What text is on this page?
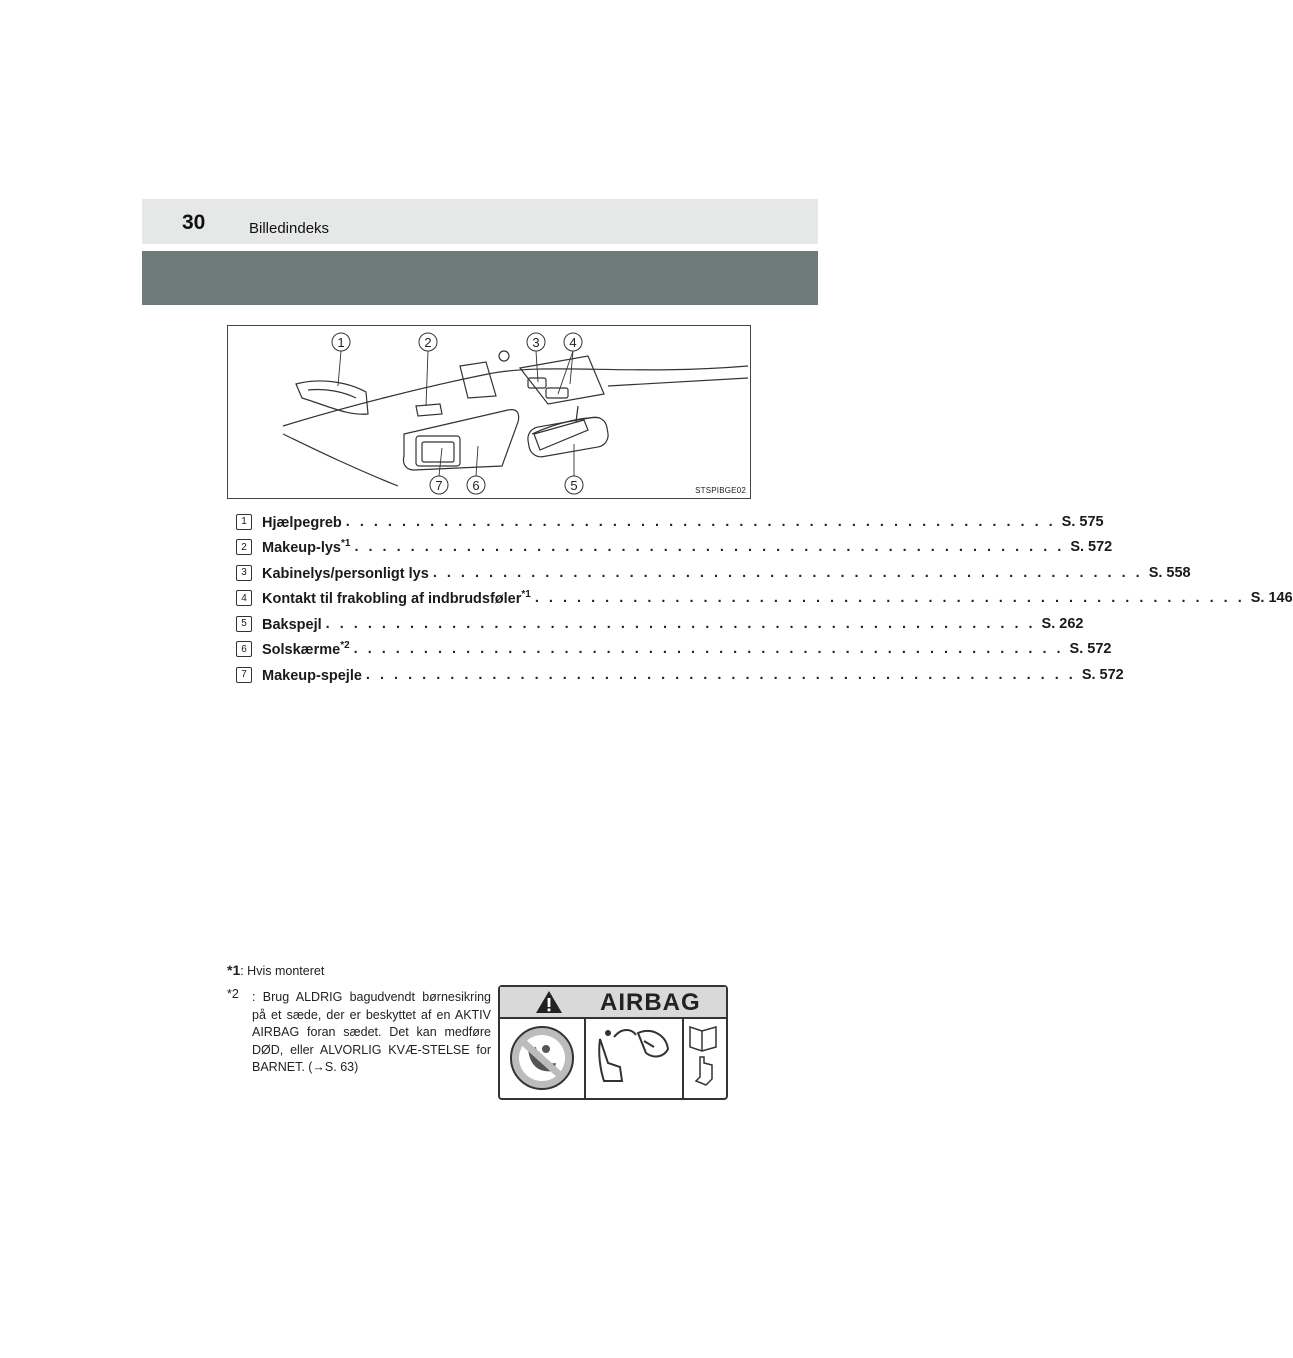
30	Billedindeks
1	2	3 4
7 6	5	STSPIBGE02
1	Hjælpegreb . . . . . . . . . . . . . . . . . . . . . . . . . . . . . . . . . . . . . . . . . . . . . . . . . . . S. 575
2	Makeup-lys$^{*1}$ . . . . . . . . . . . . . . . . . . . . . . . . . . . . . . . . . . . . . . . . . . . . . . . . . . . S. 572
3	Kabinelys/personligt lys . . . . . . . . . . . . . . . . . . . . . . . . . . . . . . . . . . . . . . . . . . . . . . . . . . . S. 558
4	Kontakt til frakobling af indbrudsføler$^{*1}$ . . . . . . . . . . . . . . . . . . . . . . . . . . . . . . . . . . . . . . . . . . . . . . . . . . . S. 146
5	Bakspejl . . . . . . . . . . . . . . . . . . . . . . . . . . . . . . . . . . . . . . . . . . . . . . . . . . . S. 262
6	Solskærme$^{*2}$ . . . . . . . . . . . . . . . . . . . . . . . . . . . . . . . . . . . . . . . . . . . . . . . . . . . S. 572
7	Makeup-spejle . . . . . . . . . . . . . . . . . . . . . . . . . . . . . . . . . . . . . . . . . . . . . . . . . . . S. 572
*1: Hvis monteret
*2 : Brug ALDRIG bagudvendt børnesikring på et sæde, der er beskyttet af en AKTIV AIRBAG foran sædet. Det kan medføre DØD, eller ALVORLIG KVÆ-STELSE for BARNET. (→S. 63)
AIRBAG
